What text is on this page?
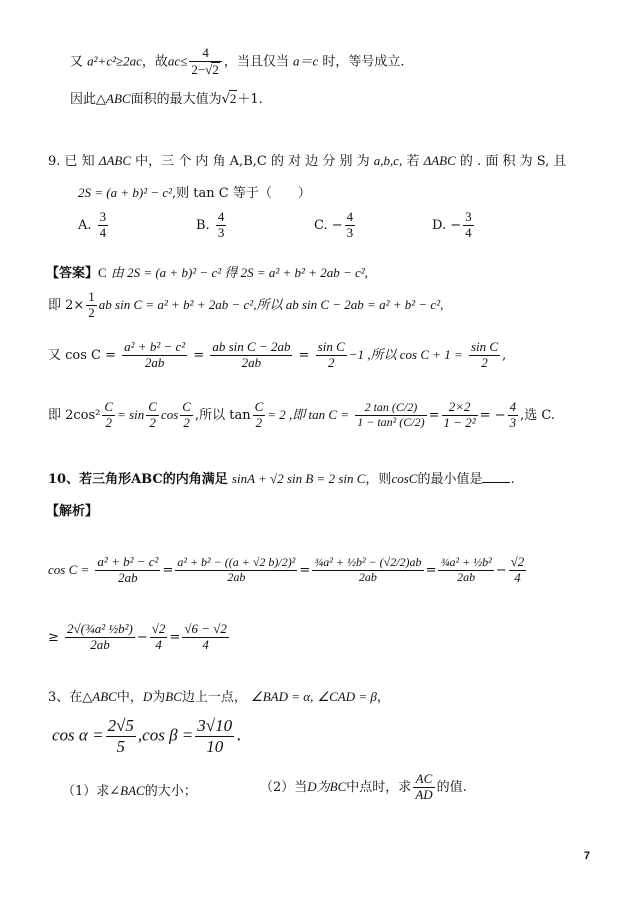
又 a²+c²≥2ac，故$ac\le \frac{4}{2-√2}$ ，当且仅当 a＝c 时，等号成立.
因此△ABC面积的最大值为√2＋1.
9. 已 知 ΔABC 中，三 个 内 角 A,B,C 的 对 边 分 别 为 a,b,c, 若 ΔABC 的 . 面 积 为 S, 且
2S = (a + b)² − c²,则 tan C 等于（　　）
A. $\frac{3}{4}$	B. $\frac{4}{3}$	C. − $\frac{4}{3}$	D. − $\frac{3}{4}$
【答案】C 由 2S = (a + b)² − c² 得 2S = a² + b² + 2ab − c²,
即 $2\times \frac{1}{2}$ ab sin C = a² + b² + 2ab − c²,所以 ab sin C − 2ab = a² + b² − c²,
又 $\cos C = \frac{\text{a² + b² − c²}}{2ab} = \frac{\text{ab sin C − 2ab}}{2ab} = \frac{\text{sin C}}{2} -1$ ,所以 $\cos C + 1 = \frac{\text{sin C}}{2}$ ,
即 $2\cos^2 \frac{C}{2} = \sin \frac{C}{2}$ $\cos \frac{C}{2}$ ,所以 $\tan \frac{C}{2} = 2$ ,即 $\tan C = \frac{2 \tan (C/2)}{\text{1 − tan² (C/2)}} = \frac{2\times 2}{\text{1 − 2²}}$ = − $\frac{4}{3}$ ,选 C.
10、若三角形ABC的内角满足 sinA + √2 sin B = 2 sin C，则cosC的最小值是 .
【解析】
$\cos C = \frac{\text{a² + b² − c²}}{2ab} = \frac{\text{a² + b² − ((a + √2 b)/2)²}}{2ab} = \frac{\text{¾a² + ½b² − (√2/2)ab}}{2ab} = \frac{\text{¾a² + ½b²}}{2ab} - \frac{√2}{4}$
≥ $\frac{\text{2√(¾a² ½b²)}}{2ab} - \frac{√2}{4} = \frac{√6 - √2}{4}$
3、在△ABC中，D为BC边上一点， ∠BAD = α, ∠CAD = β，
$\cos \alpha = \frac{2√5}{5} ,\cos$ $\beta = \frac{3√10}{10}$ .
（1）求∠BAC的大小；	（2）当D为BC中点时，求 $\frac{AC}{AD}$ 的值.
7
